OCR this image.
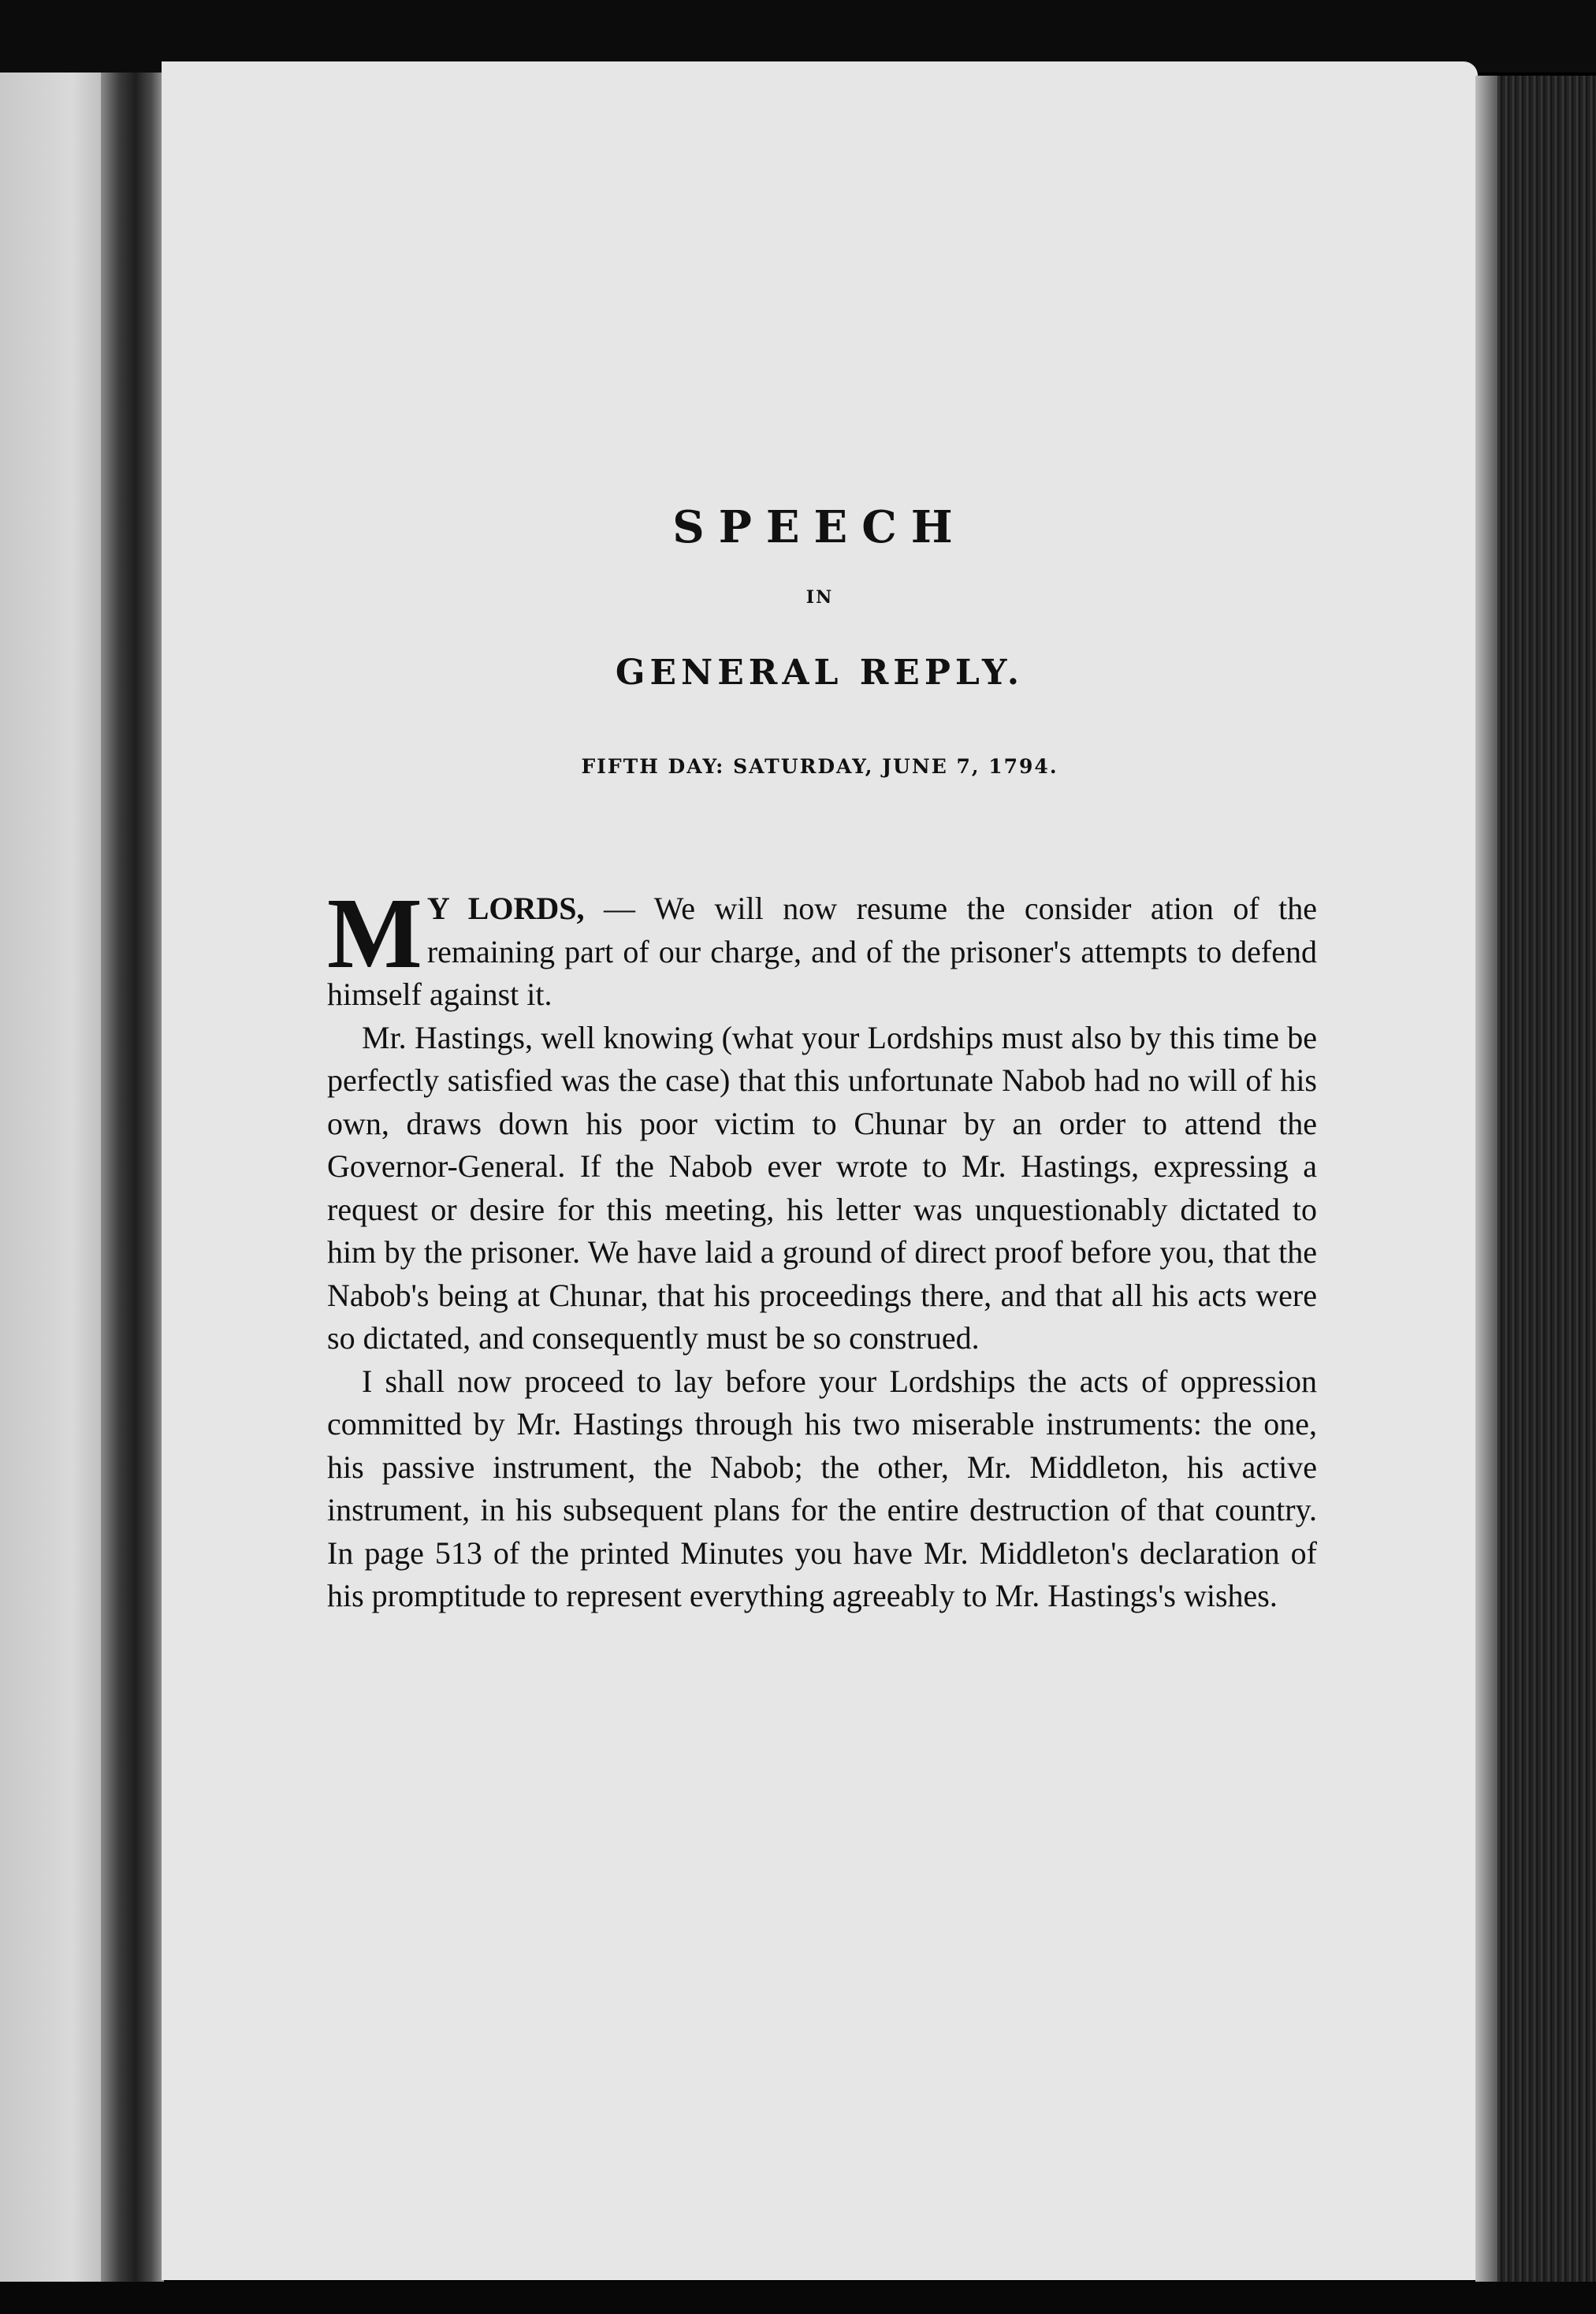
SPEECH
IN
GENERAL REPLY.
FIFTH DAY: SATURDAY, JUNE 7, 1794.

M Y LORDS, — We will now resume the consider ation of the remaining part of our charge, and of the prisoner's attempts to defend himself against it.

Mr. Hastings, well knowing (what your Lordships must also by this time be perfectly satisfied was the case) that this unfortunate Nabob had no will of his own, draws down his poor victim to Chunar by an order to attend the Governor-General. If the Nabob ever wrote to Mr. Hastings, expressing a request or desire for this meeting, his letter was unquestionably dictated to him by the prisoner. We have laid a ground of direct proof before you, that the Nabob's being at Chunar, that his proceedings there, and that all his acts were so dictated, and consequently must be so construed.

I shall now proceed to lay before your Lordships the acts of oppression committed by Mr. Hastings through his two miserable instruments: the one, his passive instrument, the Nabob; the other, Mr. Middleton, his active instrument, in his subsequent plans for the entire destruction of that country. In page 513 of the printed Minutes you have Mr. Middleton's declaration of his promptitude to represent everything agreeably to Mr. Hastings's wishes.
